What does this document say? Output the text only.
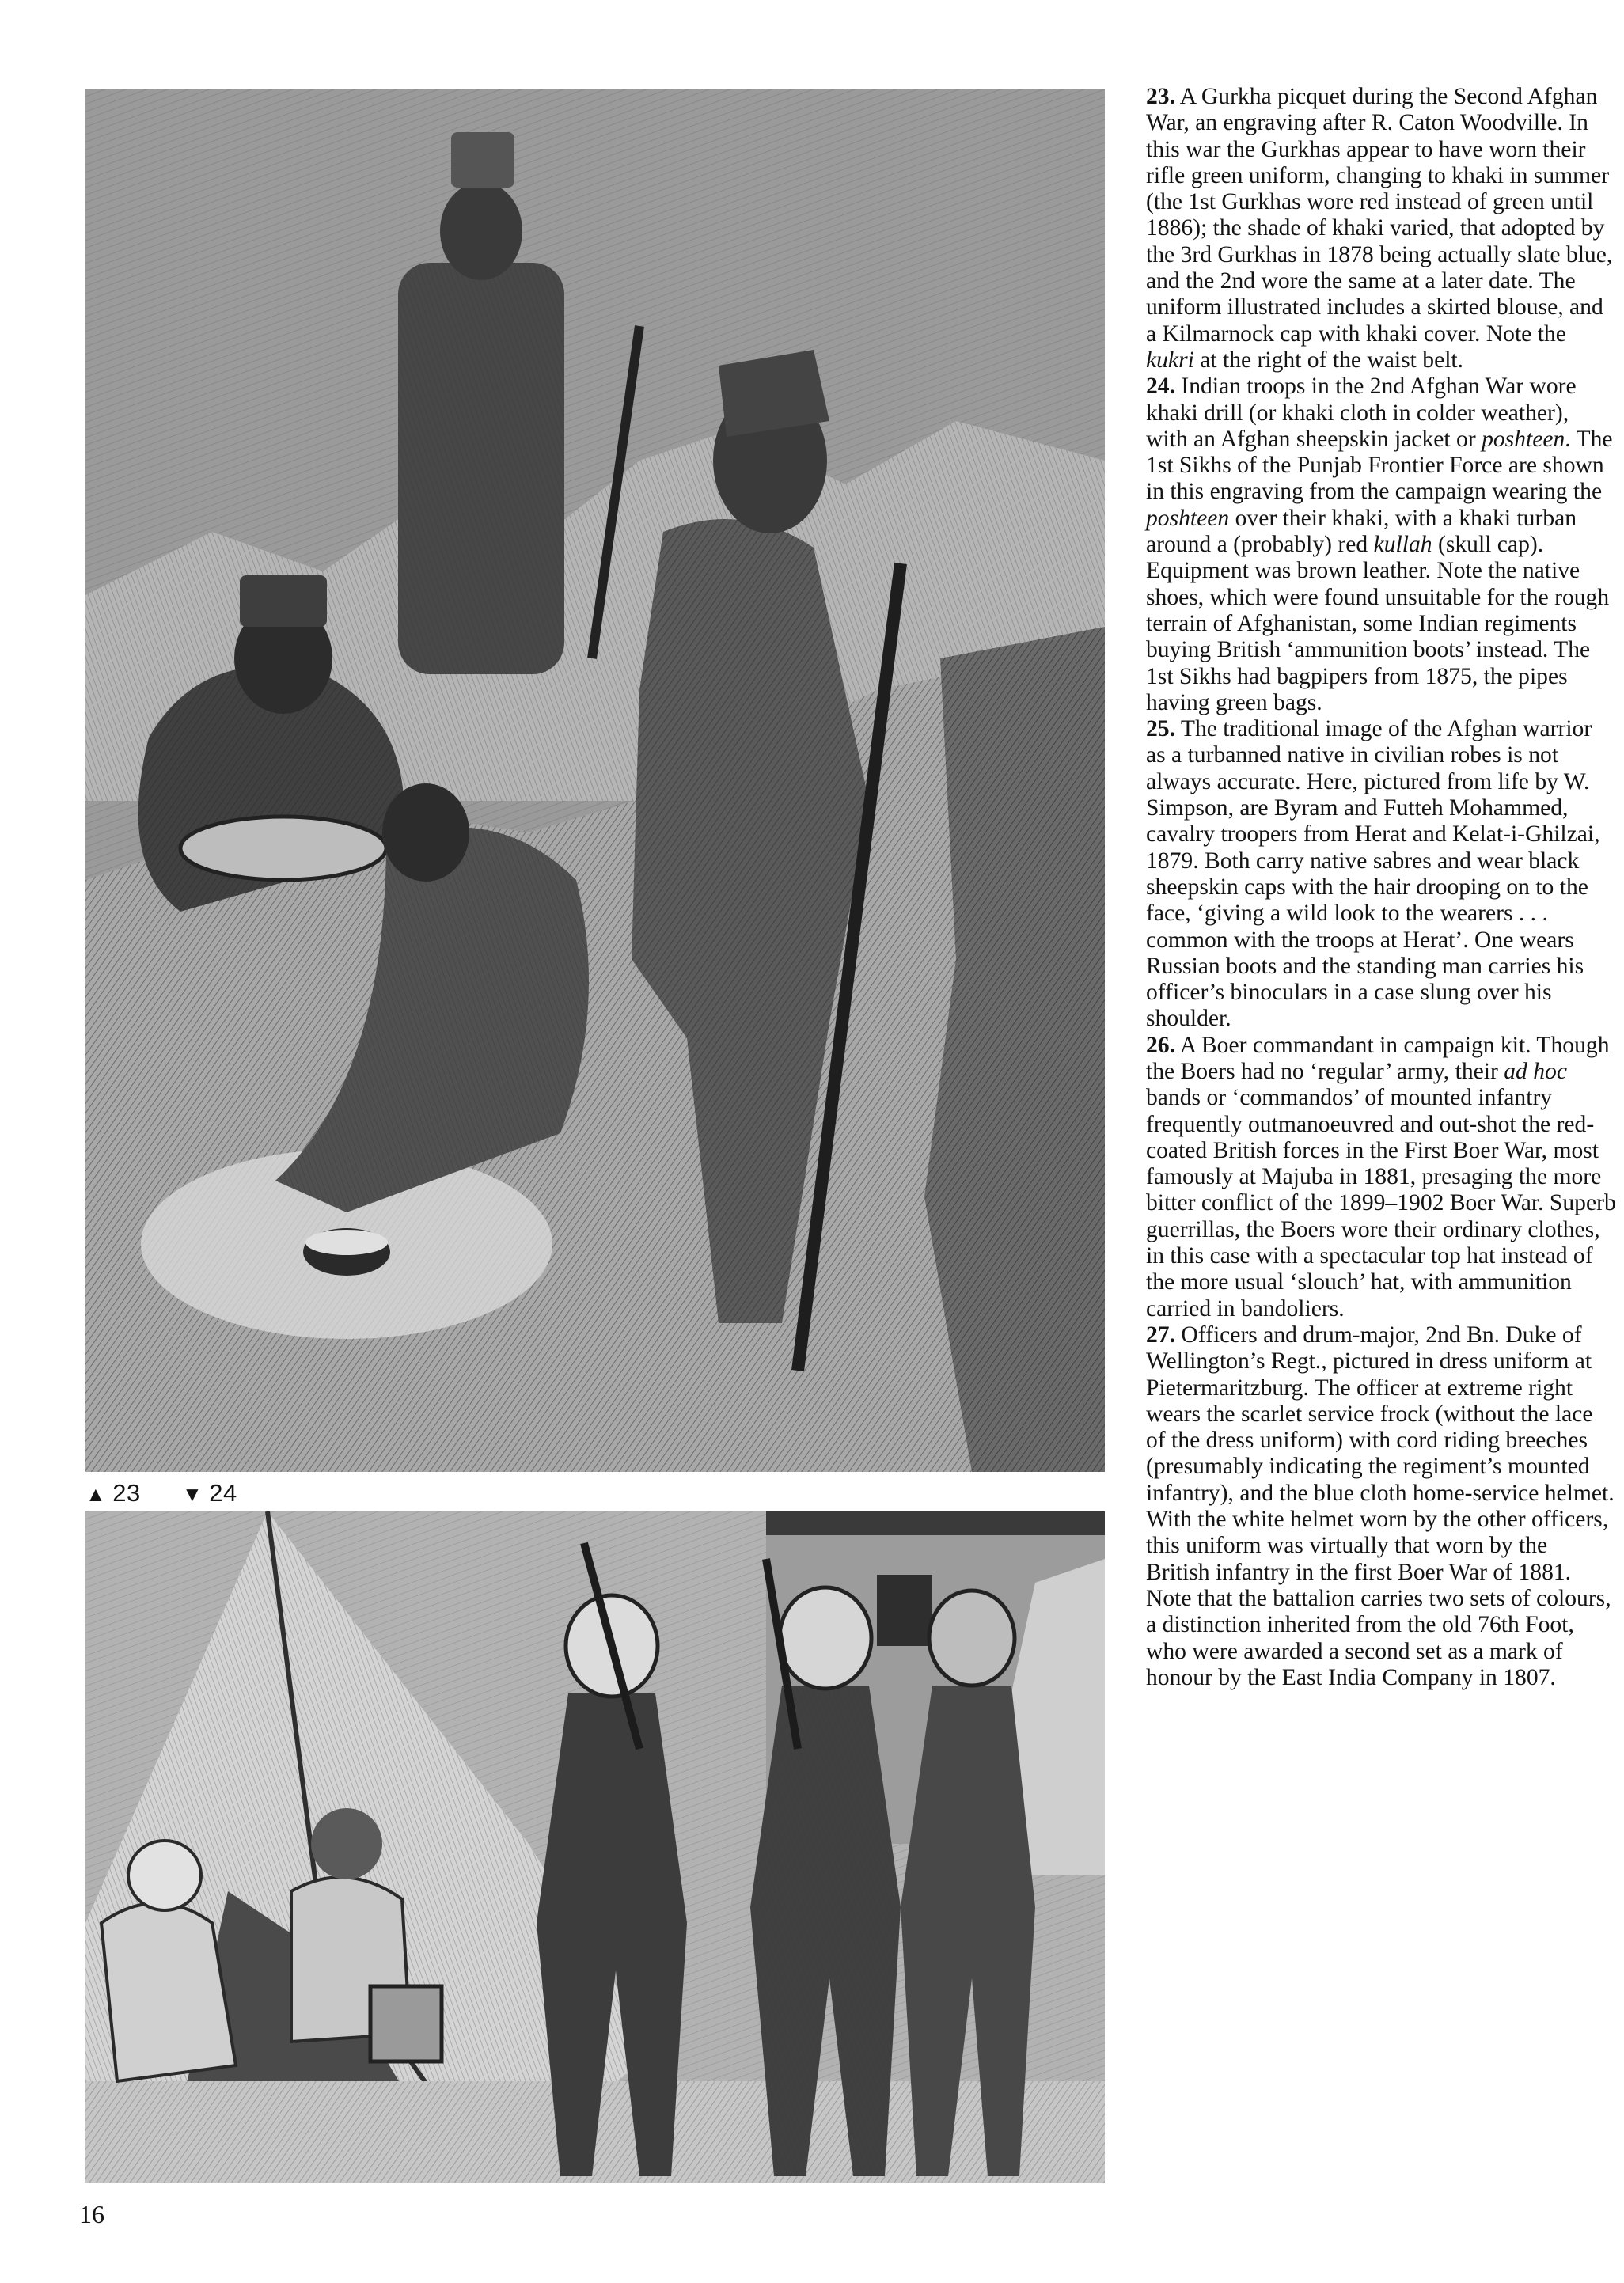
▲ 23 ▼ 24

23. A Gurkha picquet during the Second Afghan War, an engraving after R. Caton Woodville. In this war the Gurkhas appear to have worn their rifle green uniform, changing to khaki in summer (the 1st Gurkhas wore red instead of green until 1886); the shade of khaki varied, that adopted by the 3rd Gurkhas in 1878 being actually slate blue, and the 2nd wore the same at a later date. The uniform illustrated includes a skirted blouse, and a Kilmarnock cap with khaki cover. Note the kukri at the right of the waist belt.

24. Indian troops in the 2nd Afghan War wore khaki drill (or khaki cloth in colder weather), with an Afghan sheepskin jacket or poshteen. The 1st Sikhs of the Punjab Frontier Force are shown in this engraving from the campaign wearing the poshteen over their khaki, with a khaki turban around a (probably) red kullah (skull cap). Equipment was brown leather. Note the native shoes, which were found unsuitable for the rough terrain of Afghanistan, some Indian regiments buying British ‘ammunition boots’ instead. The 1st Sikhs had bagpipers from 1875, the pipes having green bags.

25. The traditional image of the Afghan warrior as a turbanned native in civilian robes is not always accurate. Here, pictured from life by W. Simpson, are Byram and Futteh Mohammed, cavalry troopers from Herat and Kelat-i-Ghilzai, 1879. Both carry native sabres and wear black sheepskin caps with the hair drooping on to the face, ‘giving a wild look to the wearers . . . common with the troops at Herat’. One wears Russian boots and the standing man carries his officer’s binoculars in a case slung over his shoulder.

26. A Boer commandant in campaign kit. Though the Boers had no ‘regular’ army, their ad hoc bands or ‘commandos’ of mounted infantry frequently outmanoeuvred and out-shot the red-coated British forces in the First Boer War, most famously at Majuba in 1881, presaging the more bitter conflict of the 1899–1902 Boer War. Superb guerrillas, the Boers wore their ordinary clothes, in this case with a spectacular top hat instead of the more usual ‘slouch’ hat, with ammunition carried in bandoliers.

27. Officers and drum-major, 2nd Bn. Duke of Wellington’s Regt., pictured in dress uniform at Pietermaritzburg. The officer at extreme right wears the scarlet service frock (without the lace of the dress uniform) with cord riding breeches (presumably indicating the regiment’s mounted infantry), and the blue cloth home-service helmet. With the white helmet worn by the other officers, this uniform was virtually that worn by the British infantry in the first Boer War of 1881. Note that the battalion carries two sets of colours, a distinction inherited from the old 76th Foot, who were awarded a second set as a mark of honour by the East India Company in 1807.

16
